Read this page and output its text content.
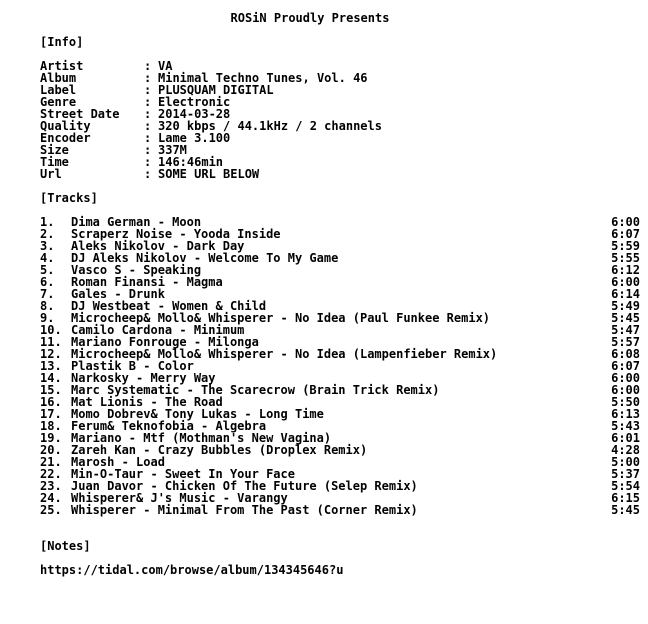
ROSiN Proudly Presents
[Info]
Artist	: VA
Album	: Minimal Techno Tunes, Vol. 46
Label	: PLUSQUAM DIGITAL
Genre	: Electronic
Street Date : 2014-03-28
Quality	: 320 kbps / 44.1kHz / 2 channels
Encoder	: Lame 3.100
Size	: 337M
Time	: 146:46min
Url	: SOME URL BELOW
[Tracks]
1. Dima German - Moon	6:00
2. Scraperz Noise - Yooda Inside	6:07
3. Aleks Nikolov - Dark Day	5:59
4. DJ Aleks Nikolov - Welcome To My Game	5:55
5. Vasco S - Speaking	6:12
6. Roman Finansi - Magma	6:00
7. Gales - Drunk	6:14
8. DJ Westbeat - Women & Child	5:49
9. Microcheep& Mollo& Whisperer - No Idea (Paul Funkee Remix)	5:45
10. Camilo Cardona - Minimum	5:47
11. Mariano Fonrouge - Milonga	5:57
12. Microcheep& Mollo& Whisperer - No Idea (Lampenfieber Remix)	6:08
13. Plastik B - Color	6:07
14. Narkosky - Merry Way	6:00
15. Marc Systematic - The Scarecrow (Brain Trick Remix)	6:00
16. Mat Lionis - The Road	5:50
17. Momo Dobrev& Tony Lukas - Long Time	6:13
18. Ferum& Teknofobia - Algebra	5:43
19. Mariano - Mtf (Mothman's New Vagina)	6:01
20. Zareh Kan - Crazy Bubbles (Droplex Remix)	4:28
21. Marosh - Load	5:00
22. Min-O-Taur - Sweet In Your Face	5:37
23. Juan Davor - Chicken Of The Future (Selep Remix)	5:54
24. Whisperer& J's Music - Varangy	6:15
25. Whisperer - Minimal From The Past (Corner Remix)	5:45
[Notes]
https://tidal.com/browse/album/134345646?u
